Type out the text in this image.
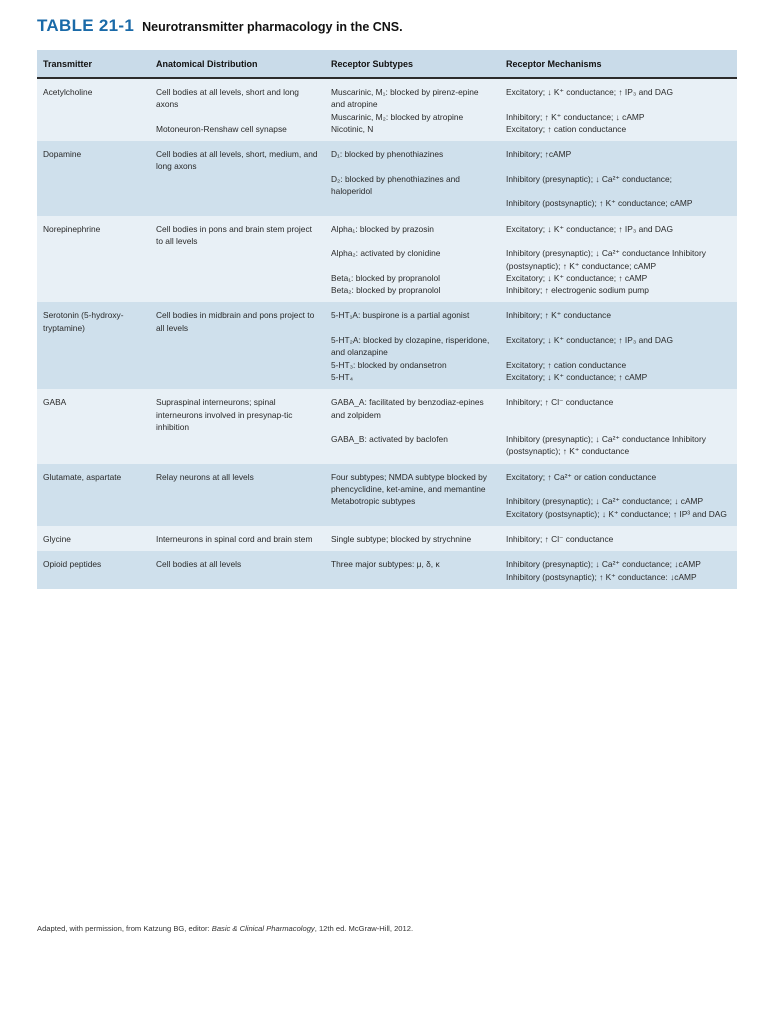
TABLE 21-1 Neurotransmitter pharmacology in the CNS.
Transmitter	Anatomical Distribution	Receptor Subtypes	Receptor Mechanisms
Acetylcholine	Cell bodies at all levels, short and long axons	Muscarinic, M₁: blocked by pirenz-epine and atropine	Excitatory; ↓ K⁺ conductance; ↑ IP₃ and DAG
		Muscarinic, M₂: blocked by atropine	Inhibitory; ↑ K⁺ conductance; ↓ cAMP
	Motoneuron-Renshaw cell synapse	Nicotinic, N	Excitatory; ↑ cation conductance
Dopamine	Cell bodies at all levels, short, medium, and long axons	D₁: blocked by phenothiazines	Inhibitory; ↑cAMP
		D₂: blocked by phenothiazines and haloperidol	Inhibitory (presynaptic); ↓ Ca²⁺ conductance;
			Inhibitory (postsynaptic); ↑ K⁺ conductance; cAMP
Norepinephrine	Cell bodies in pons and brain stem project to all levels	Alpha₁: blocked by prazosin	Excitatory; ↓ K⁺ conductance; ↑ IP₃ and DAG
		Alpha₂: activated by clonidine	Inhibitory (presynaptic); ↓ Ca²⁺ conductance Inhibitory (postsynaptic); ↑ K⁺ conductance; cAMP
		Beta₁: blocked by propranolol	Excitatory; ↓ K⁺ conductance; ↑ cAMP
		Beta₂: blocked by propranolol	Inhibitory; ↑ electrogenic sodium pump
Serotonin (5-hydroxy-tryptamine)	Cell bodies in midbrain and pons project to all levels	5-HT₁A: buspirone is a partial agonist	Inhibitory; ↑ K⁺ conductance
		5-HT₂A: blocked by clozapine, risperidone, and olanzapine	Excitatory; ↓ K⁺ conductance; ↑ IP₃ and DAG
		5-HT₃: blocked by ondansetron	Excitatory; ↑ cation conductance
		5-HT₄	Excitatory; ↓ K⁺ conductance; ↑ cAMP
GABA	Supraspinal interneurons; spinal interneurons involved in presynap-tic inhibition	GABA_A: facilitated by benzodiaz-epines and zolpidem	Inhibitory; ↑ Cl⁻ conductance
		GABA_B: activated by baclofen	Inhibitory (presynaptic); ↓ Ca²⁺ conductance Inhibitory (postsynaptic); ↑ K⁺ conductance
Glutamate, aspartate	Relay neurons at all levels	Four subtypes; NMDA subtype blocked by phencyclidine, ket-amine, and memantine	Excitatory; ↑ Ca²⁺ or cation conductance
		Metabotropic subtypes	Inhibitory (presynaptic); ↓ Ca²⁺ conductance; ↓ cAMP Excitatory (postsynaptic); ↓ K⁺ conductance; ↑ IP³ and DAG
Glycine	Interneurons in spinal cord and brain stem	Single subtype; blocked by strychnine	Inhibitory; ↑ Cl⁻ conductance
Opioid peptides	Cell bodies at all levels	Three major subtypes: μ, δ, κ	Inhibitory (presynaptic); ↓ Ca²⁺ conductance; ↓cAMP
			Inhibitory (postsynaptic); ↑ K⁺ conductance: ↓cAMP
Adapted, with permission, from Katzung BG, editor: Basic & Clinical Pharmacology, 12th ed. McGraw-Hill, 2012.
